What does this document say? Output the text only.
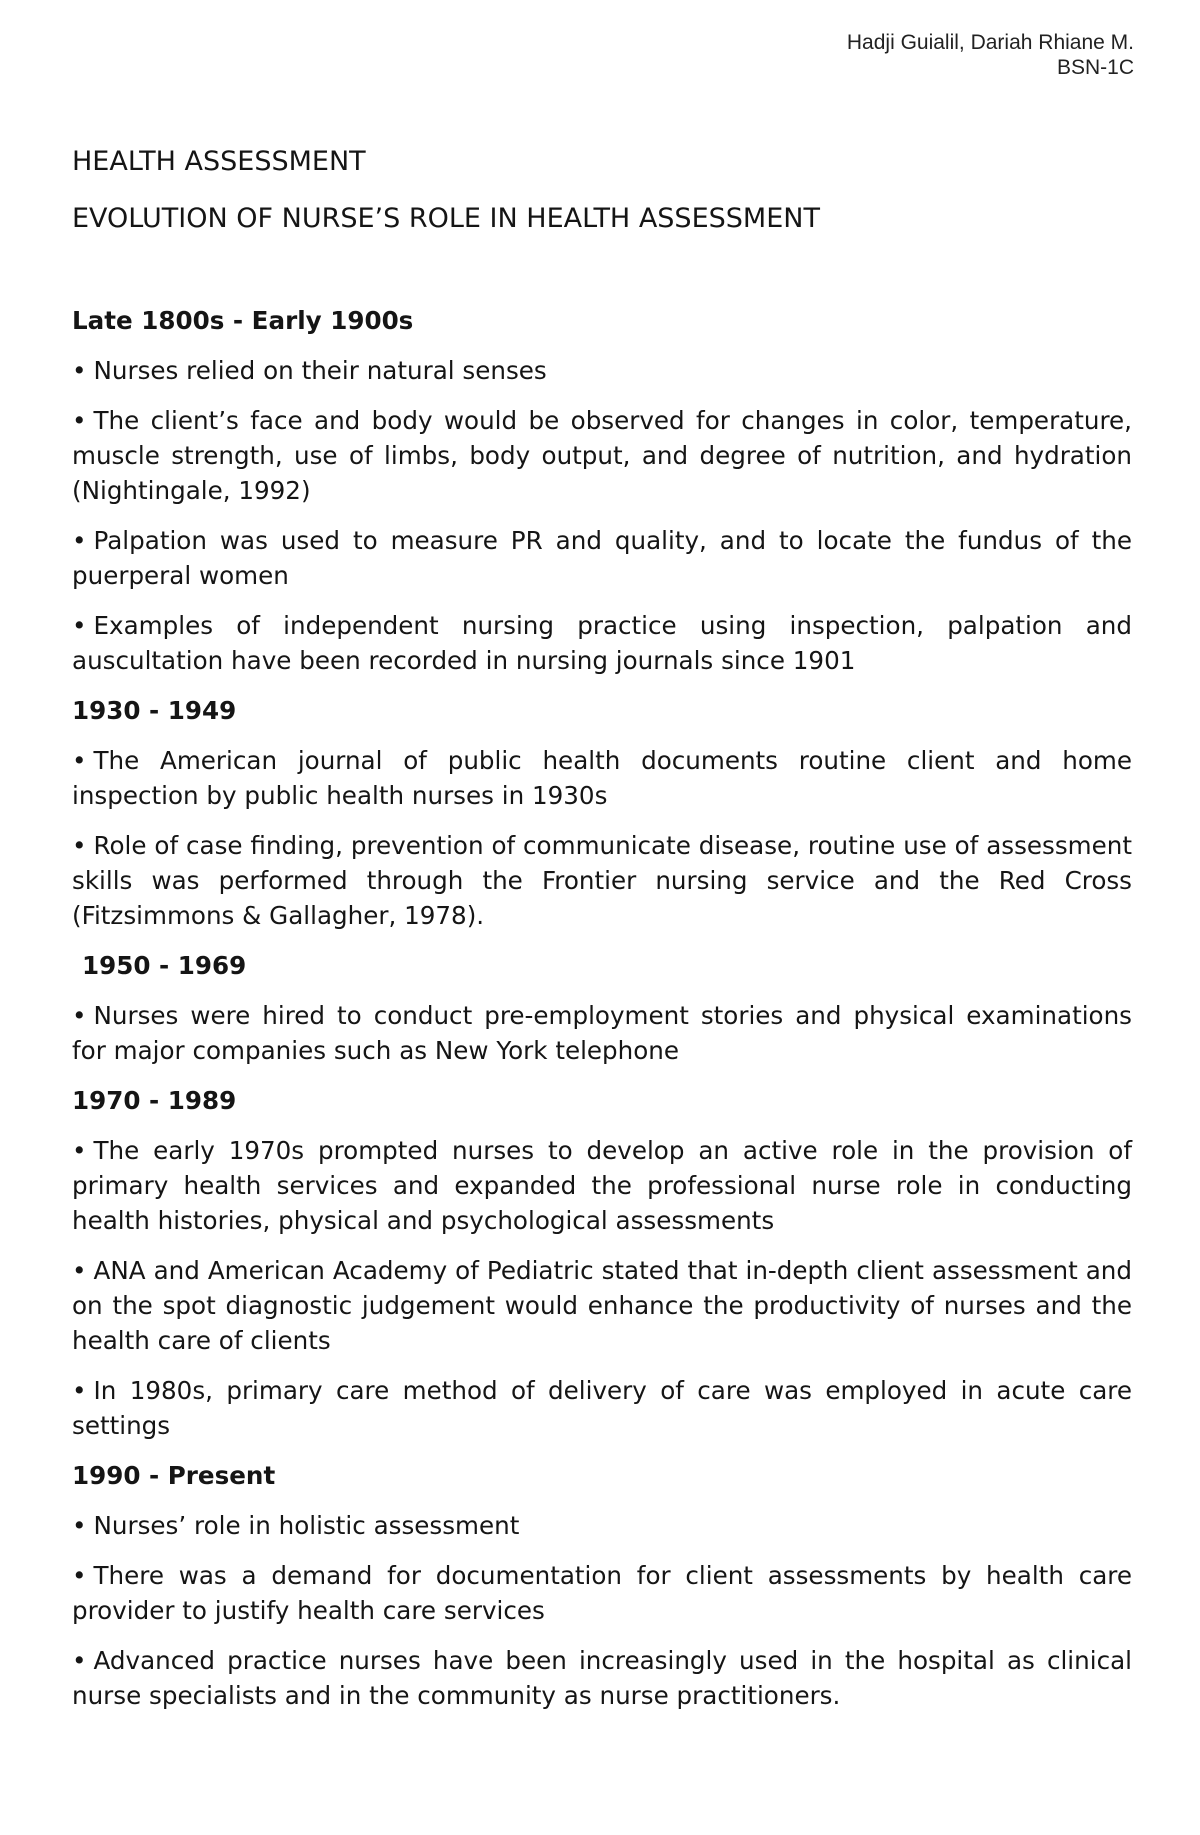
Hadji Guialil, Dariah Rhiane M.
BSN-1C
HEALTH ASSESSMENT
EVOLUTION OF NURSE’S ROLE IN HEALTH ASSESSMENT
Late 1800s - Early 1900s
• Nurses relied on their natural senses
• The client’s face and body would be observed for changes in color, temperature, muscle strength, use of limbs, body output, and degree of nutrition, and hydration (Nightingale, 1992)
• Palpation was used to measure PR and quality, and to locate the fundus of the puerperal women
• Examples of independent nursing practice using inspection, palpation and auscultation have been recorded in nursing journals since 1901
1930 - 1949
• The American journal of public health documents routine client and home inspection by public health nurses in 1930s
• Role of case finding, prevention of communicate disease, routine use of assessment skills was performed through the Frontier nursing service and the Red Cross (Fitzsimmons & Gallagher, 1978).
1950 - 1969
• Nurses were hired to conduct pre-employment stories and physical examinations for major companies such as New York telephone
1970 - 1989
• The early 1970s prompted nurses to develop an active role in the provision of primary health services and expanded the professional nurse role in conducting health histories, physical and psychological assessments
• ANA and American Academy of Pediatric stated that in-depth client assessment and on the spot diagnostic judgement would enhance the productivity of nurses and the health care of clients
• In 1980s, primary care method of delivery of care was employed in acute care settings
1990 - Present
• Nurses’ role in holistic assessment
• There was a demand for documentation for client assessments by health care provider to justify health care services
• Advanced practice nurses have been increasingly used in the hospital as clinical nurse specialists and in the community as nurse practitioners.
